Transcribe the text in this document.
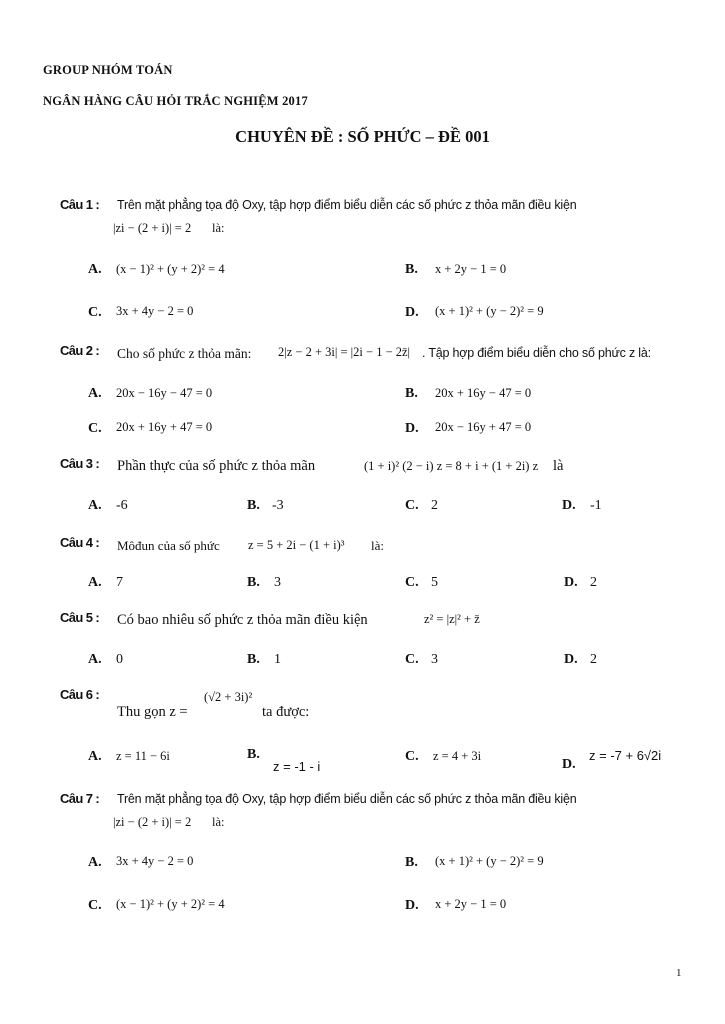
GROUP NHÓM TOÁN
NGÂN HÀNG CÂU HỎI TRẮC NGHIỆM 2017
CHUYÊN ĐỀ : SỐ PHỨC – ĐỀ 001
Câu 1 : Trên mặt phẳng tọa độ Oxy, tập hợp điểm biểu diễn các số phức z thỏa mãn điều kiện
|zi − (2 + i)| = 2 là:
A. (x − 1)² + (y + 2)² = 4	B. x + 2y − 1 = 0
C. 3x + 4y − 2 = 0	D. (x + 1)² + (y − 2)² = 9
Câu 2 : Cho số phức z thỏa mãn: 2|z − 2 + 3i| = |2i − 1 − 2z̄| . Tập hợp điểm biểu diễn cho số phức z là:
A. 20x − 16y − 47 = 0	B. 20x + 16y − 47 = 0
C. 20x + 16y + 47 = 0	D. 20x − 16y + 47 = 0
Câu 3 : Phần thực của số phức z thỏa mãn	(1 + i)² (2 − i) z = 8 + i + (1 + 2i) z là
A. -6	B. -3	C. 2	D. -1
Câu 4 : Môđun của số phức z = 5 + 2i − (1 + i)³ là:
A. 7	B. 3	C. 5	D. 2
Câu 5 : Có bao nhiêu số phức z thỏa mãn điều kiện	z² = |z|² + z̄
A. 0	B. 1	C. 3	D. 2
Câu 6 :
Thu gọn z =
(√2 + 3i)²
ta được:
A. z = 11 − 6i	B.
z = -1 - i
C. z = 4 + 3i
D.
z = -7 + 6√2i
Câu 7 : Trên mặt phẳng tọa độ Oxy, tập hợp điểm biểu diễn các số phức z thỏa mãn điều kiện
|zi − (2 + i)| = 2 là:
A. 3x + 4y − 2 = 0	B. (x + 1)² + (y − 2)² = 9
C. (x − 1)² + (y + 2)² = 4	D. x + 2y − 1 = 0
1
